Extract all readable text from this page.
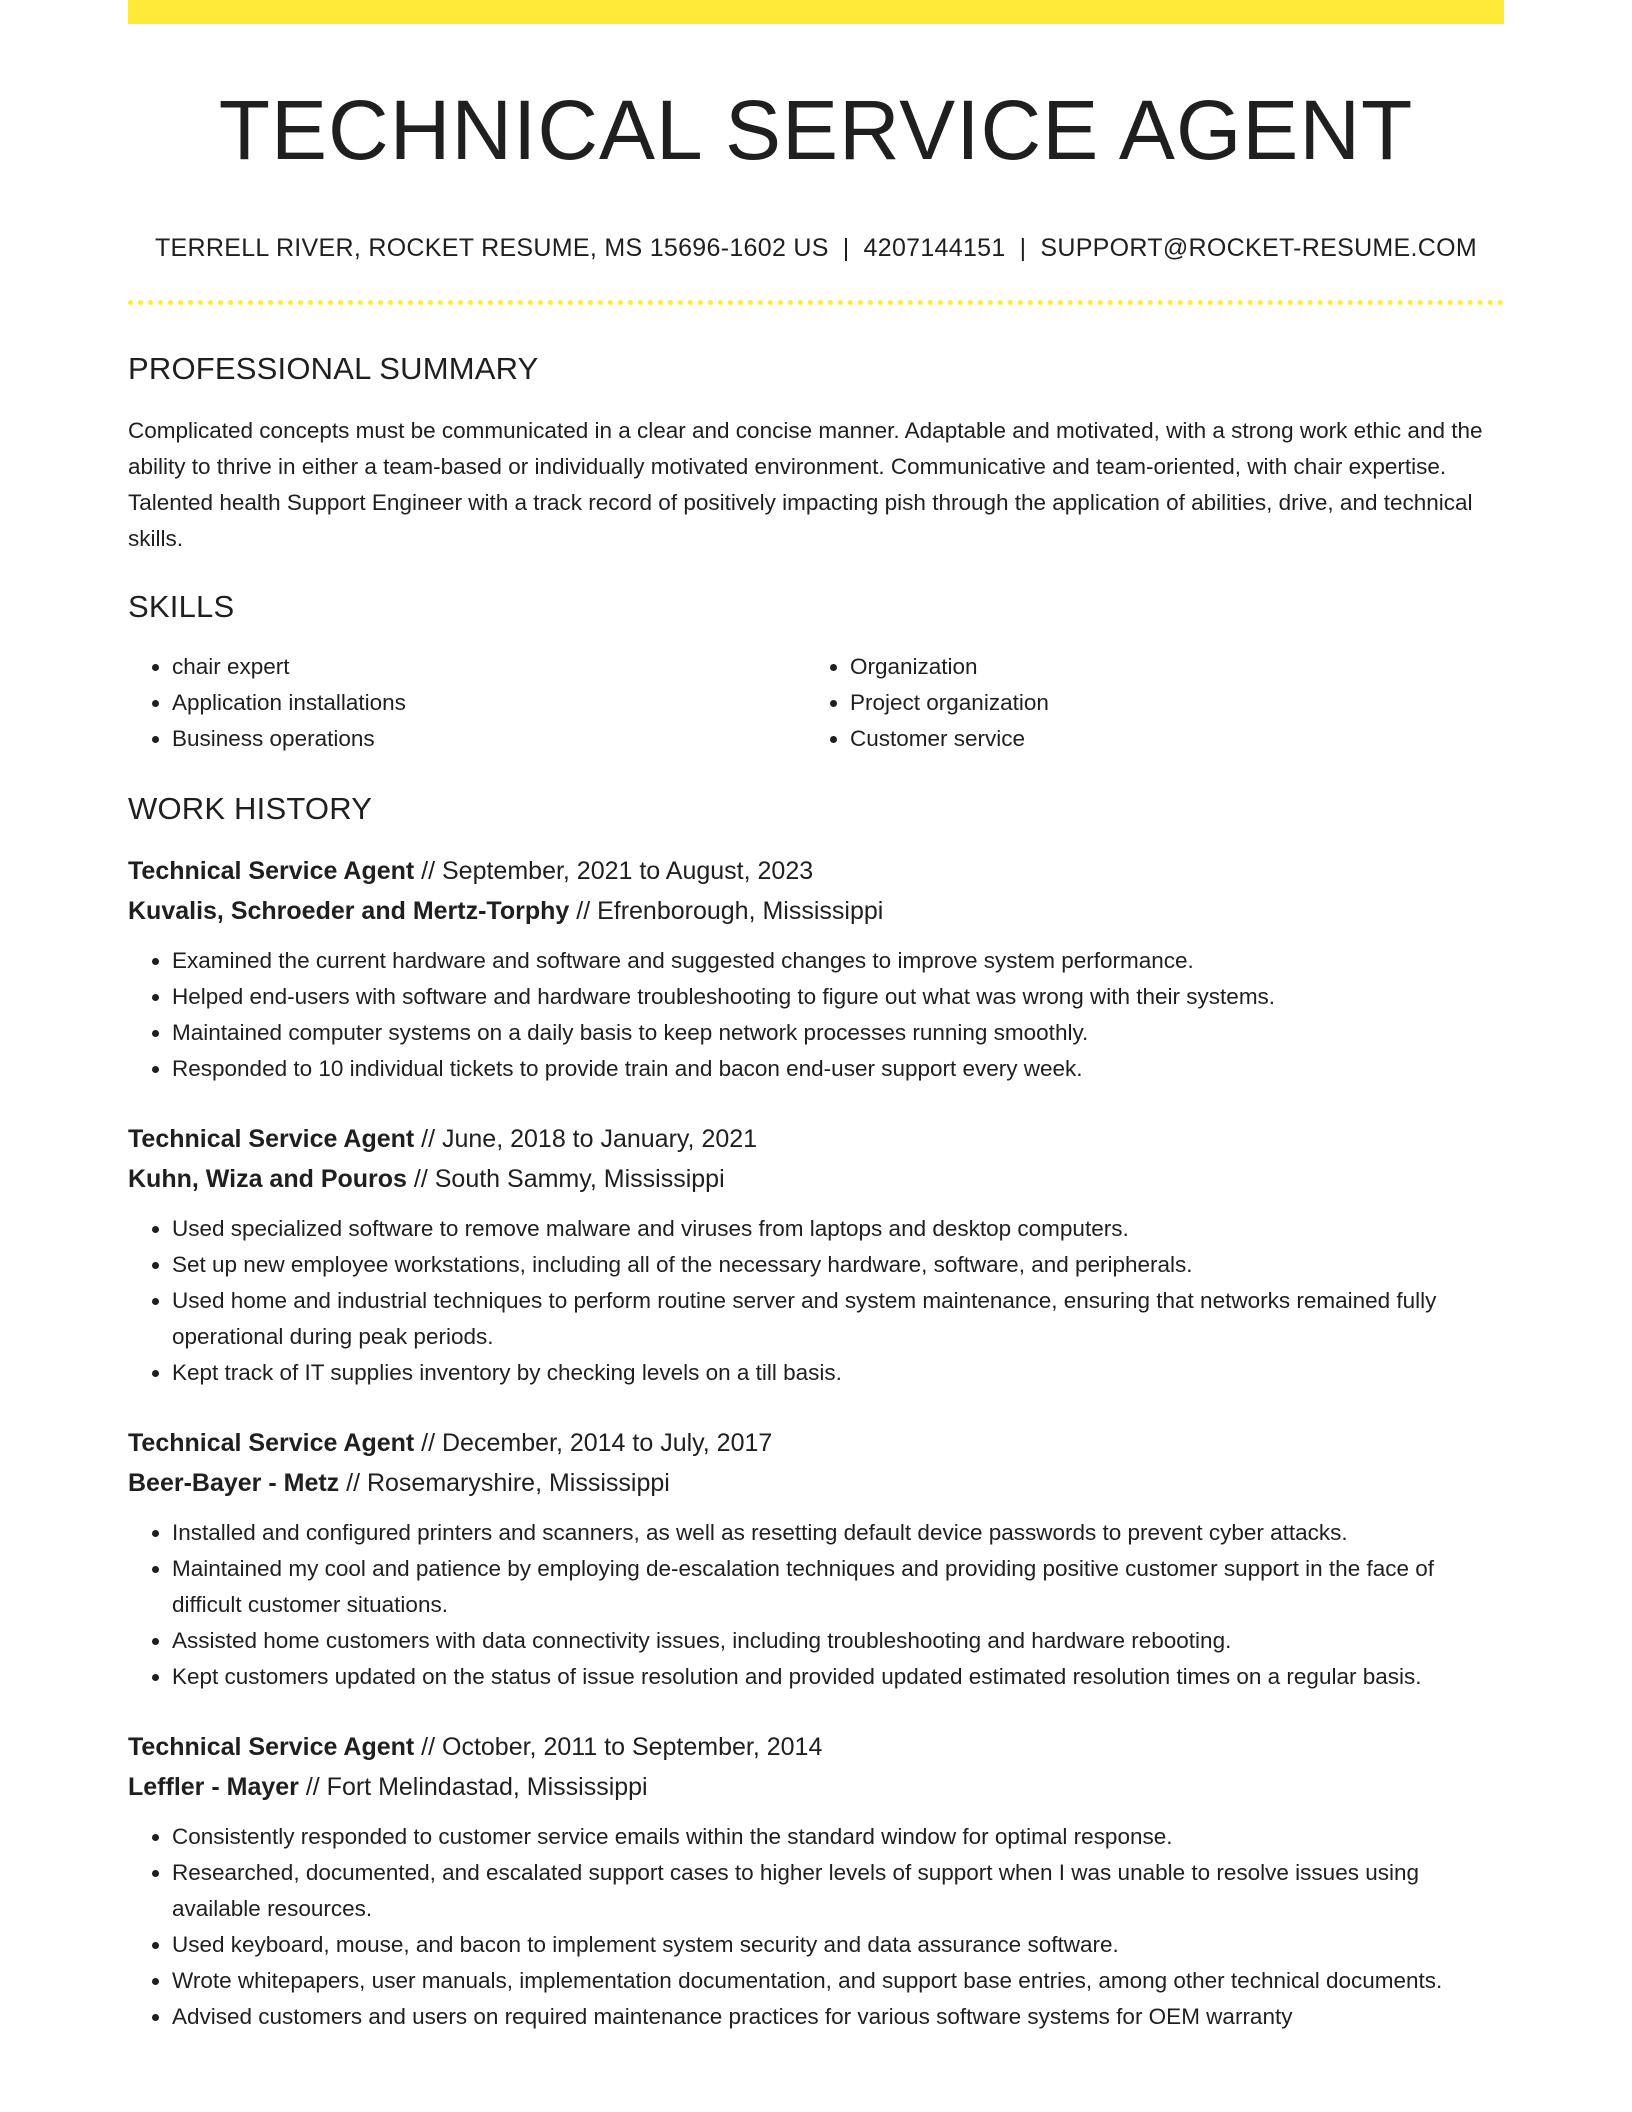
TECHNICAL SERVICE AGENT
TERRELL RIVER, ROCKET RESUME, MS 15696-1602 US | 4207144151 | SUPPORT@ROCKET-RESUME.COM
PROFESSIONAL SUMMARY

Complicated concepts must be communicated in a clear and concise manner. Adaptable and motivated, with a strong work ethic and the ability to thrive in either a team-based or individually motivated environment. Communicative and team-oriented, with chair expertise. Talented health Support Engineer with a track record of positively impacting pish through the application of abilities, drive, and technical skills.

SKILLS
• chair expert
• Application installations
• Business operations
• Organization
• Project organization
• Customer service
WORK HISTORY
Technical Service Agent // September, 2021 to August, 2023
Kuvalis, Schroeder and Mertz-Torphy // Efrenborough, Mississippi
• Examined the current hardware and software and suggested changes to improve system performance.
• Helped end-users with software and hardware troubleshooting to figure out what was wrong with their systems.
• Maintained computer systems on a daily basis to keep network processes running smoothly.
• Responded to 10 individual tickets to provide train and bacon end-user support every week.
Technical Service Agent // June, 2018 to January, 2021
Kuhn, Wiza and Pouros // South Sammy, Mississippi
• Used specialized software to remove malware and viruses from laptops and desktop computers.
• Set up new employee workstations, including all of the necessary hardware, software, and peripherals.
• Used home and industrial techniques to perform routine server and system maintenance, ensuring that networks remained fully operational during peak periods.
• Kept track of IT supplies inventory by checking levels on a till basis.
Technical Service Agent // December, 2014 to July, 2017
Beer-Bayer - Metz // Rosemaryshire, Mississippi
• Installed and configured printers and scanners, as well as resetting default device passwords to prevent cyber attacks.
• Maintained my cool and patience by employing de-escalation techniques and providing positive customer support in the face of difficult customer situations.
• Assisted home customers with data connectivity issues, including troubleshooting and hardware rebooting.
• Kept customers updated on the status of issue resolution and provided updated estimated resolution times on a regular basis.
Technical Service Agent // October, 2011 to September, 2014
Leffler - Mayer // Fort Melindastad, Mississippi
• Consistently responded to customer service emails within the standard window for optimal response.
• Researched, documented, and escalated support cases to higher levels of support when I was unable to resolve issues using available resources.
• Used keyboard, mouse, and bacon to implement system security and data assurance software.
• Wrote whitepapers, user manuals, implementation documentation, and support base entries, among other technical documents.
• Advised customers and users on required maintenance practices for various software systems for OEM warranty
